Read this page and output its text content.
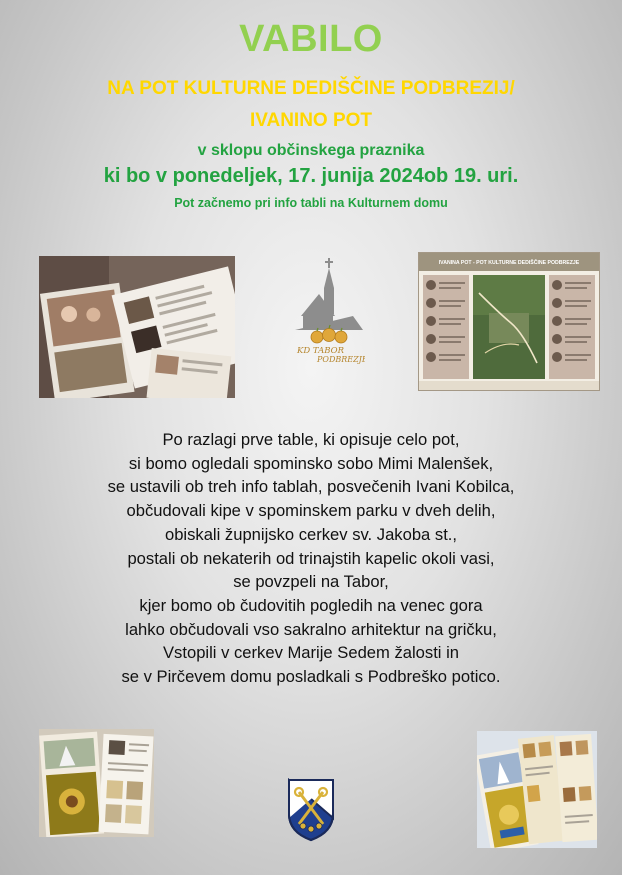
VABILO
NA POT KULTURNE DEDIŠČINE PODBREZIJ/
IVANINO POT
v sklopu občinskega praznika
ki bo v ponedeljek, 17. junija 2024ob 19. uri.
Pot začnemo pri info tabli na Kulturnem domu
KD TABOR
PODBREZJE
IVANINA POT - POT KULTURNE DEDIŠČINE PODBREZJE
Po razlagi prve table, ki opisuje celo pot,
si bomo ogledali spominsko sobo Mimi Malenšek,
se ustavili ob treh info tablah, posvečenih Ivani Kobilca,
občudovali kipe v spominskem parku v dveh delih,
obiskali župnijsko cerkev sv. Jakoba st.,
postali ob nekaterih od trinajstih kapelic okoli vasi,
se povzpeli na Tabor,
kjer bomo ob čudovitih pogledih na venec gora
lahko občudovali vso sakralno arhitektur na gričku,
Vstopili v cerkev Marije Sedem žalosti in
se v Pirčevem domu posladkali s Podbreško potico.
